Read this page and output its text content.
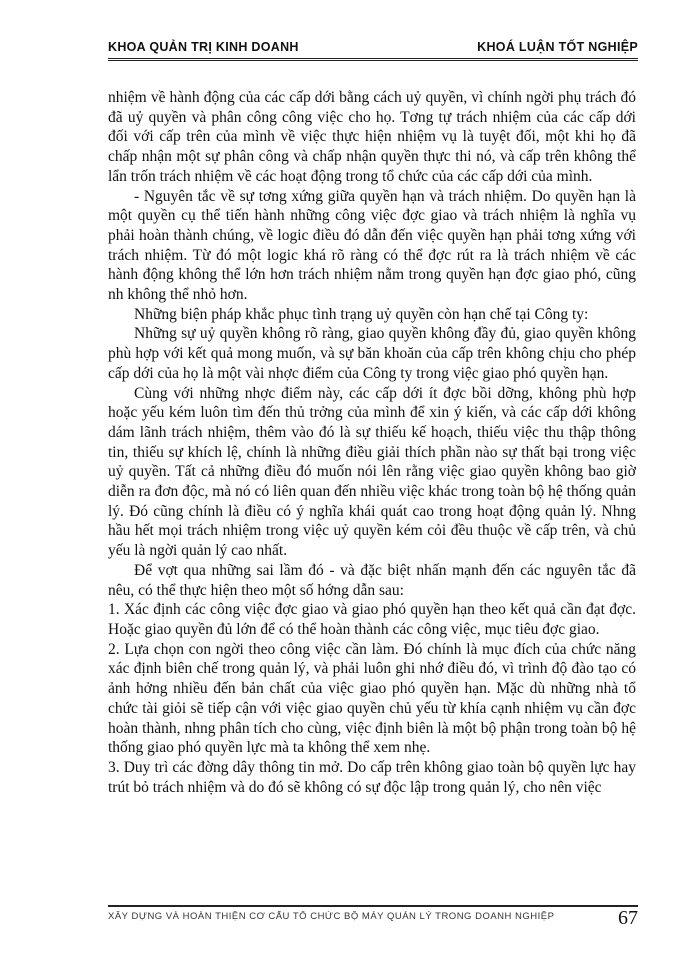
KHOA QUẢN TRỊ KINH DOANH	KHOÁ LUẬN TỐT NGHIỆP

nhiệm về hành động của các cấp dới bằng cách uỷ quyền, vì chính ngời phụ trách đó đã uỷ quyền và phân công công việc cho họ. Tơng tự trách nhiệm của các cấp dới đối với cấp trên của mình về việc thực hiện nhiệm vụ là tuyệt đối, một khi họ đã chấp nhận một sự phân công và chấp nhận quyền thực thi nó, và cấp trên không thể lẩn trốn trách nhiệm về các hoạt động trong tổ chức của các cấp dới của mình.

- Nguyên tắc về sự tơng xứng giữa quyền hạn và trách nhiệm. Do quyền hạn là một quyền cụ thể tiến hành những công việc đợc giao và trách nhiệm là nghĩa vụ phải hoàn thành chúng, về logic điều đó dẫn đến việc quyền hạn phải tơng xứng với trách nhiệm. Từ đó một logic khá rõ ràng có thể đợc rút ra là trách nhiệm về các hành động không thể lớn hơn trách nhiệm nằm trong quyền hạn đợc giao phó, cũng nh không thể nhỏ hơn.

Những biện pháp khắc phục tình trạng uỷ quyền còn hạn chế tại Công ty:

Những sự uỷ quyền không rõ ràng, giao quyền không đầy đủ, giao quyền không phù hợp với kết quả mong muốn, và sự băn khoăn của cấp trên không chịu cho phép cấp dới của họ là một vài nhợc điểm của Công ty trong việc giao phó quyền hạn.

Cùng với những nhợc điểm này, các cấp dới ít đợc bồi dỡng, không phù hợp hoặc yếu kém luôn tìm đến thủ trởng của mình để xin ý kiến, và các cấp dới không dám lãnh trách nhiệm, thêm vào đó là sự thiếu kế hoạch, thiếu việc thu thập thông tin, thiếu sự khích lệ, chính là những điều giải thích phần nào sự thất bại trong việc uỷ quyền. Tất cả những điều đó muốn nói lên rằng việc giao quyền không bao giờ diễn ra đơn độc, mà nó có liên quan đến nhiều việc khác trong toàn bộ hệ thống quản lý. Đó cũng chính là điều có ý nghĩa khái quát cao trong hoạt động quản lý. Nhng hầu hết mọi trách nhiệm trong việc uỷ quyền kém cỏi đều thuộc về cấp trên, và chủ yếu là ngời quản lý cao nhất.

Để vợt qua những sai lầm đó - và đặc biệt nhấn mạnh đến các nguyên tắc đã nêu, có thể thực hiện theo một số hớng dẫn sau:

1. Xác định các công việc đợc giao và giao phó quyền hạn theo kết quả cần đạt đợc. Hoặc giao quyền đủ lớn để có thể hoàn thành các công việc, mục tiêu đợc giao.

2. Lựa chọn con ngời theo công việc cần làm. Đó chính là mục đích của chức năng xác định biên chế trong quản lý, và phải luôn ghi nhớ điều đó, vì trình độ đào tạo có ảnh hởng nhiều đến bản chất của việc giao phó quyền hạn. Mặc dù những nhà tổ chức tài giỏi sẽ tiếp cận với việc giao quyền chủ yếu từ khía cạnh nhiệm vụ cần đợc hoàn thành, nhng phân tích cho cùng, việc định biên là một bộ phận trong toàn bộ hệ thống giao phó quyền lực mà ta không thể xem nhẹ.

3. Duy trì các đờng dây thông tin mở. Do cấp trên không giao toàn bộ quyền lực hay trút bỏ trách nhiệm và do đó sẽ không có sự độc lập trong quản lý, cho nên việc

XÂY DỰNG VÀ HOÀN THIỆN CƠ CẤU TỔ CHỨC BỘ MÁY QUẢN LÝ TRONG DOANH NGHIỆP	67
